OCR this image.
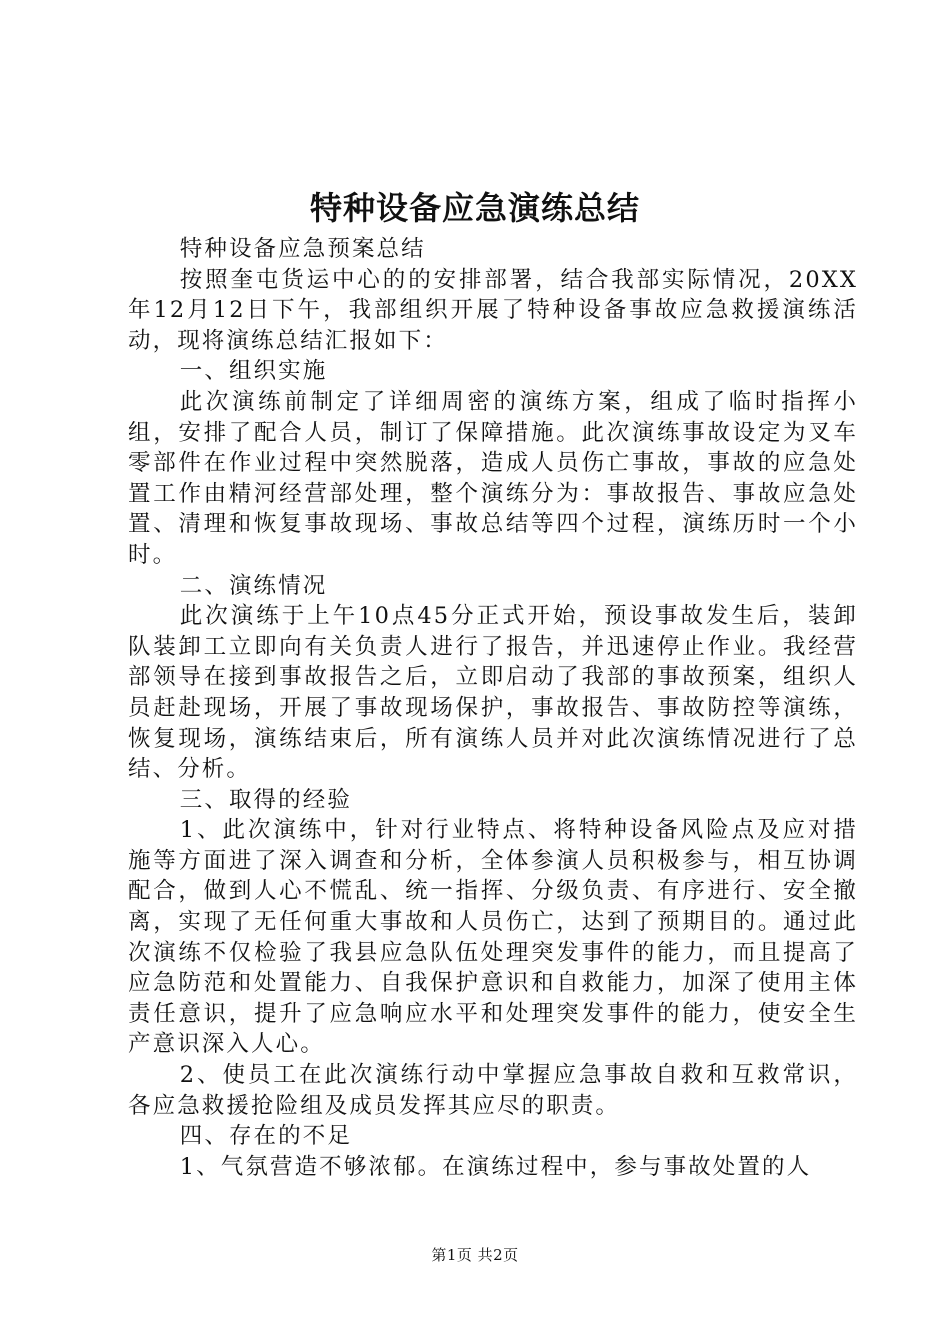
特种设备应急演练总结

特种设备应急预案总结

按照奎屯货运中心的的安排部署，结合我部实际情况，20XX年12月12日下午，我部组织开展了特种设备事故应急救援演练活动，现将演练总结汇报如下：

一、组织实施

此次演练前制定了详细周密的演练方案，组成了临时指挥小组，安排了配合人员，制订了保障措施。此次演练事故设定为叉车零部件在作业过程中突然脱落，造成人员伤亡事故，事故的应急处置工作由精河经营部处理，整个演练分为：事故报告、事故应急处置、清理和恢复事故现场、事故总结等四个过程，演练历时一个小时。

二、演练情况

此次演练于上午10点45分正式开始，预设事故发生后，装卸队装卸工立即向有关负责人进行了报告，并迅速停止作业。我经营部领导在接到事故报告之后，立即启动了我部的事故预案，组织人员赶赴现场，开展了事故现场保护，事故报告、事故防控等演练，恢复现场，演练结束后，所有演练人员并对此次演练情况进行了总结、分析。

三、取得的经验

1、此次演练中，针对行业特点、将特种设备风险点及应对措施等方面进了深入调查和分析，全体参演人员积极参与，相互协调配合，做到人心不慌乱、统一指挥、分级负责、有序进行、安全撤离，实现了无任何重大事故和人员伤亡，达到了预期目的。通过此次演练不仅检验了我县应急队伍处理突发事件的能力，而且提高了应急防范和处置能力、自我保护意识和自救能力，加深了使用主体责任意识，提升了应急响应水平和处理突发事件的能力，使安全生产意识深入人心。

2、使员工在此次演练行动中掌握应急事故自救和互救常识，各应急救援抢险组及成员发挥其应尽的职责。

四、存在的不足

1、气氛营造不够浓郁。在演练过程中，参与事故处置的人

第1页 共2页
